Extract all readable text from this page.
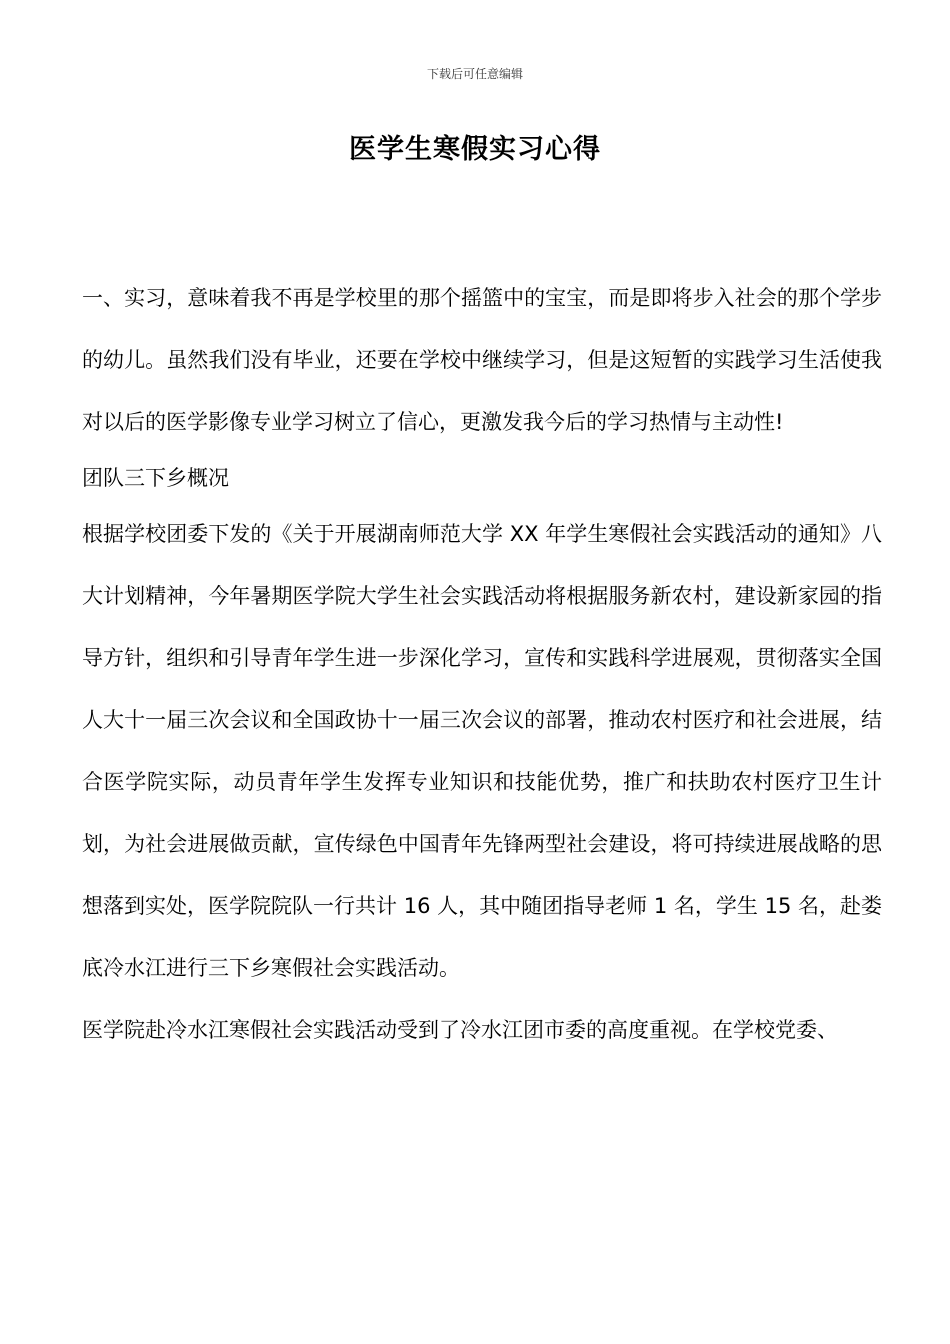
下载后可任意编辑
医学生寒假实习心得

一、实习，意味着我不再是学校里的那个摇篮中的宝宝，而是即将步入社会的那个学步的幼儿。虽然我们没有毕业，还要在学校中继续学习，但是这短暂的实践学习生活使我对以后的医学影像专业学习树立了信心，更激发我今后的学习热情与主动性!

团队三下乡概况

根据学校团委下发的《关于开展湖南师范大学 XX 年学生寒假社会实践活动的通知》八大计划精神，今年暑期医学院大学生社会实践活动将根据服务新农村，建设新家园的指导方针，组织和引导青年学生进一步深化学习，宣传和实践科学进展观，贯彻落实全国人大十一届三次会议和全国政协十一届三次会议的部署，推动农村医疗和社会进展，结合医学院实际，动员青年学生发挥专业知识和技能优势，推广和扶助农村医疗卫生计划，为社会进展做贡献，宣传绿色中国青年先锋两型社会建设，将可持续进展战略的思想落到实处，医学院院队一行共计 16 人，其中随团指导老师 1 名，学生 15 名，赴娄底冷水江进行三下乡寒假社会实践活动。

医学院赴冷水江寒假社会实践活动受到了冷水江团市委的高度重视。在学校党委、
